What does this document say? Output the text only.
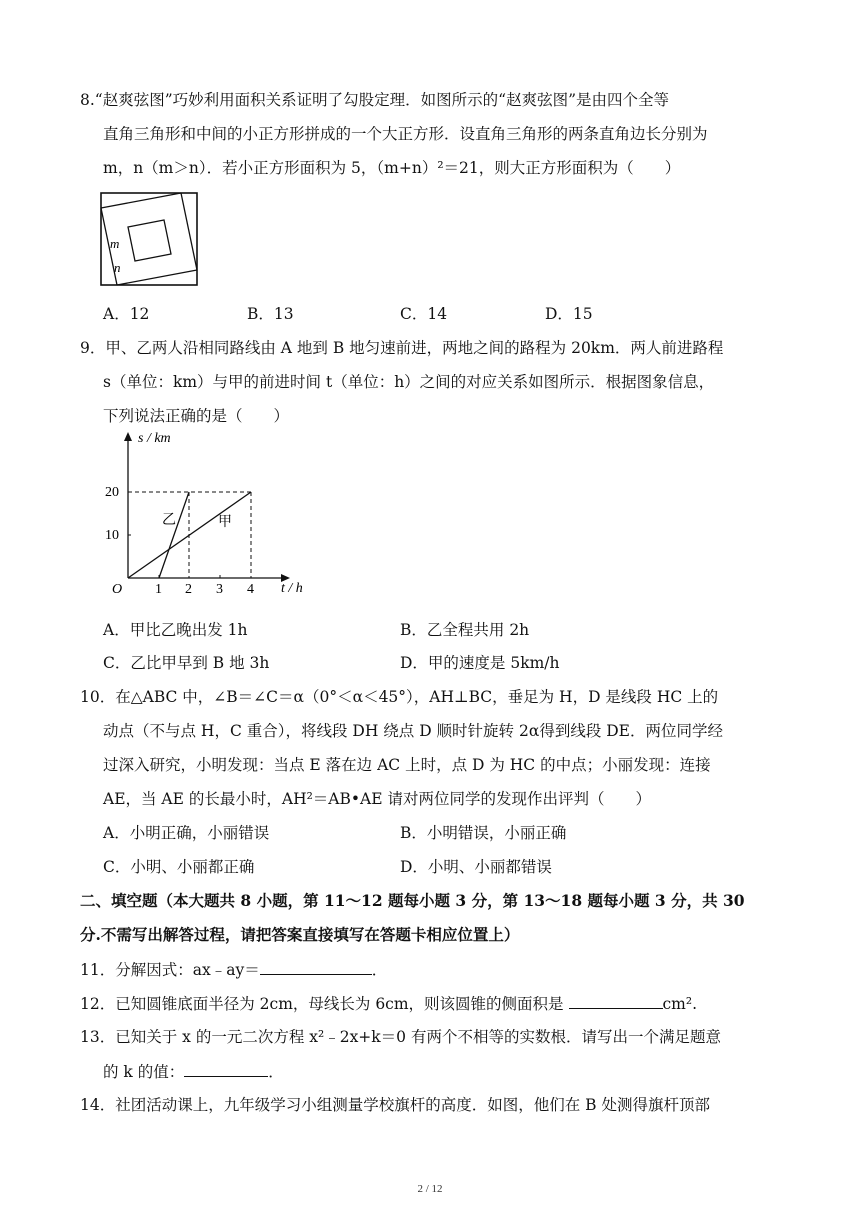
8.“赵爽弦图”巧妙利用面积关系证明了勾股定理．如图所示的“赵爽弦图”是由四个全等
直角三角形和中间的小正方形拼成的一个大正方形．设直角三角形的两条直角边长分别为
m，n（m＞n）．若小正方形面积为 5，（m+n）²＝21，则大正方形面积为（　　）
m
n
A．12	B．13	C．14	D．15
9．甲、乙两人沿相同路线由 A 地到 B 地匀速前进，两地之间的路程为 20km．两人前进路程
s（单位：km）与甲的前进时间 t（单位：h）之间的对应关系如图所示．根据图象信息，
下列说法正确的是（　　）
s / km
t / h
O
10
20
1 2 3 4
乙	甲
A．甲比乙晚出发 1h	B．乙全程共用 2h
C．乙比甲早到 B 地 3h	D．甲的速度是 5km/h
10．在△ABC 中，∠B＝∠C＝α（0°＜α＜45°），AH⊥BC，垂足为 H，D 是线段 HC 上的
动点（不与点 H，C 重合），将线段 DH 绕点 D 顺时针旋转 2α得到线段 DE．两位同学经
过深入研究，小明发现：当点 E 落在边 AC 上时，点 D 为 HC 的中点；小丽发现：连接
AE，当 AE 的长最小时，AH²＝AB•AE 请对两位同学的发现作出评判（　　）
A．小明正确，小丽错误	B．小明错误，小丽正确
C．小明、小丽都正确	D．小明、小丽都错误
二、填空题（本大题共 8 小题，第 11～12 题每小题 3 分，第 13～18 题每小题 3 分，共 30
分.不需写出解答过程，请把答案直接填写在答题卡相应位置上）
11．分解因式：ax﹣ay＝	．
12．已知圆锥底面半径为 2cm，母线长为 6cm，则该圆锥的侧面积是	cm².
13．已知关于 x 的一元二次方程 x²﹣2x+k＝0 有两个不相等的实数根．请写出一个满足题意
的 k 的值：	．
14．社团活动课上，九年级学习小组测量学校旗杆的高度．如图，他们在 B 处测得旗杆顶部
2 / 12
